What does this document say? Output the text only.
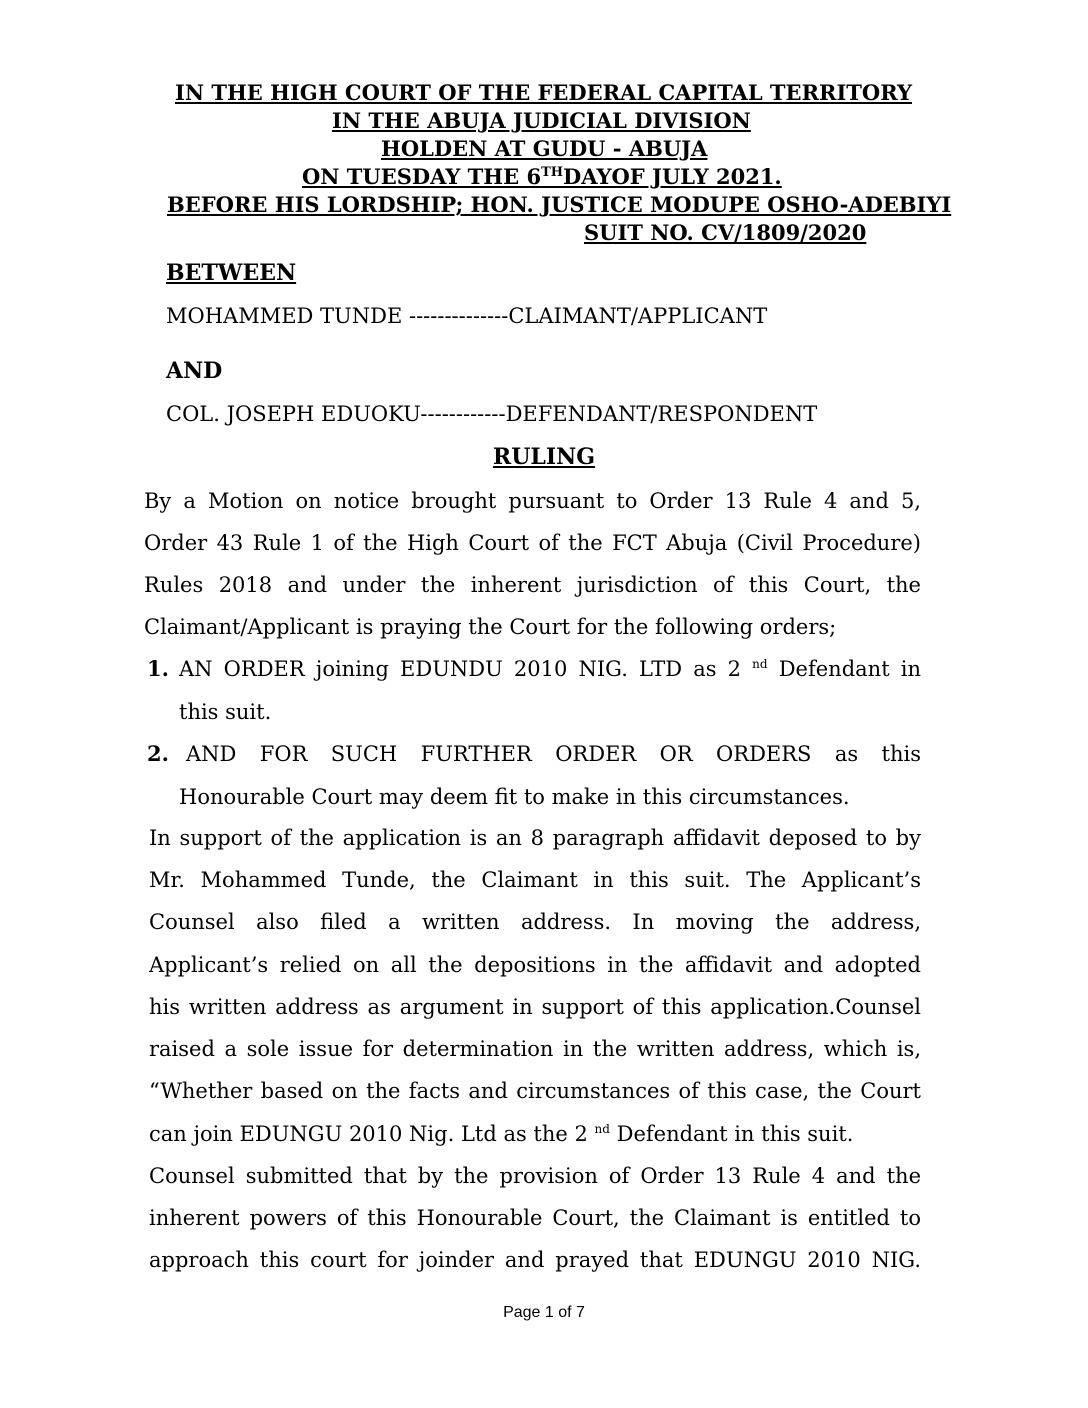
IN THE HIGH COURT OF THE FEDERAL CAPITAL TERRITORY
IN THE ABUJA JUDICIAL DIVISION
HOLDEN AT GUDU - ABUJA
ON TUESDAY THE 6THDAYOF JULY 2021.
BEFORE HIS LORDSHIP; HON. JUSTICE MODUPE OSHO-ADEBIYI
SUIT NO. CV/1809/2020
BETWEEN
MOHAMMED TUNDE --------------CLAIMANT/APPLICANT
AND
COL. JOSEPH EDUOKU------------DEFENDANT/RESPONDENT
RULING
By a Motion on notice brought pursuant to Order 13 Rule 4 and 5,
Order 43 Rule 1 of the High Court of the FCT Abuja (Civil Procedure)
Rules 2018 and under the inherent jurisdiction of this Court, the
Claimant/Applicant is praying the Court for the following orders;
1. AN ORDER joining EDUNDU 2010 NIG. LTD as 2 $^{nd}$ Defendant in
this suit.
2. AND FOR SUCH FURTHER ORDER OR ORDERS as this
Honourable Court may deem fit to make in this circumstances.
In support of the application is an 8 paragraph affidavit deposed to by
Mr. Mohammed Tunde, the Claimant in this suit. The Applicant’s
Counsel also filed a written address. In moving the address,
Applicant’s relied on all the depositions in the affidavit and adopted
his written address as argument in support of this application.Counsel
raised a sole issue for determination in the written address, which is,
“Whether based on the facts and circumstances of this case, the Court
can join EDUNGU 2010 Nig. Ltd as the 2 $^{nd}$ Defendant in this suit.
Counsel submitted that by the provision of Order 13 Rule 4 and the
inherent powers of this Honourable Court, the Claimant is entitled to
approach this court for joinder and prayed that EDUNGU 2010 NIG.
Page 1 of 7
